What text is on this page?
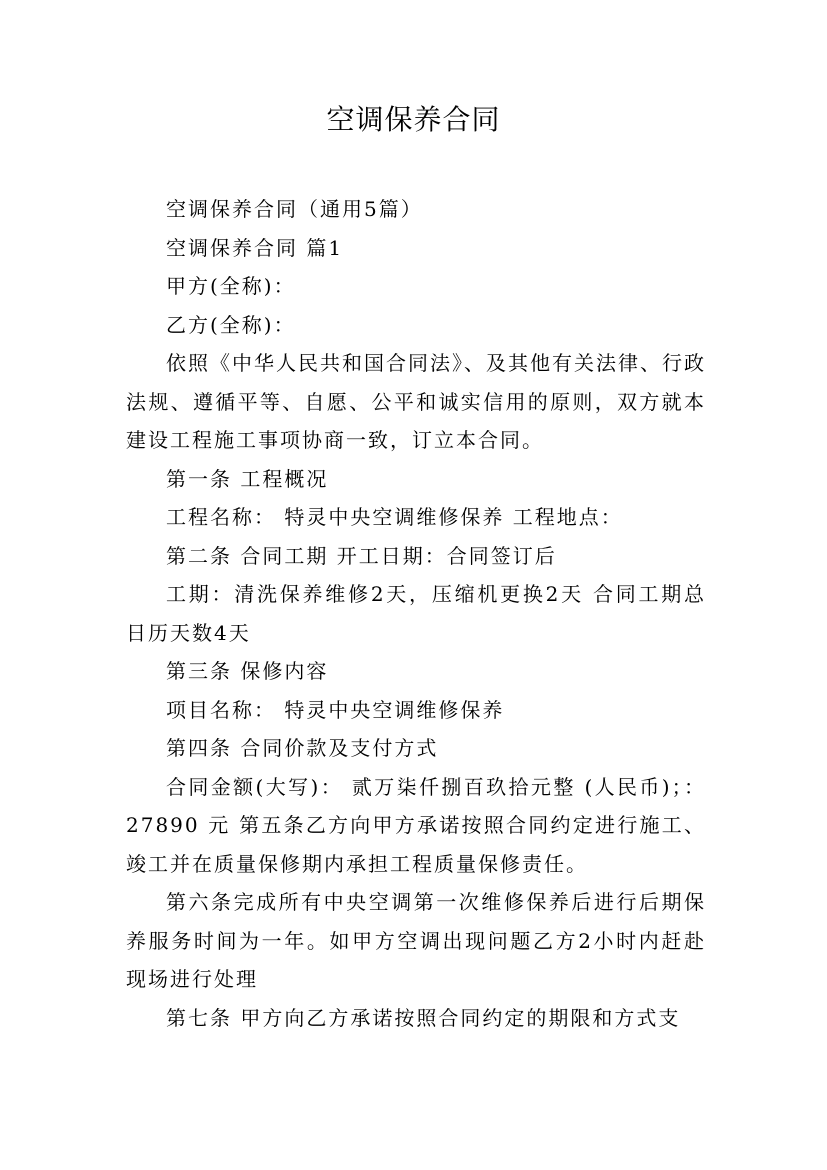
空调保养合同

空调保养合同（通用5篇）

空调保养合同 篇1

甲方(全称)：

乙方(全称)：

依照《中华人民共和国合同法》、及其他有关法律、行政法规、遵循平等、自愿、公平和诚实信用的原则，双方就本建设工程施工事项协商一致，订立本合同。

第一条 工程概况

工程名称： 特灵中央空调维修保养 工程地点：

第二条 合同工期 开工日期：合同签订后

工期：清洗保养维修2天，压缩机更换2天 合同工期总日历天数4天

第三条 保修内容

项目名称： 特灵中央空调维修保养

第四条 合同价款及支付方式

合同金额(大写)： 贰万柒仟捌百玖拾元整 (人民币)；：27890 元 第五条乙方向甲方承诺按照合同约定进行施工、竣工并在质量保修期内承担工程质量保修责任。

第六条完成所有中央空调第一次维修保养后进行后期保养服务时间为一年。如甲方空调出现问题乙方2小时内赶赴现场进行处理

第七条 甲方向乙方承诺按照合同约定的期限和方式支
